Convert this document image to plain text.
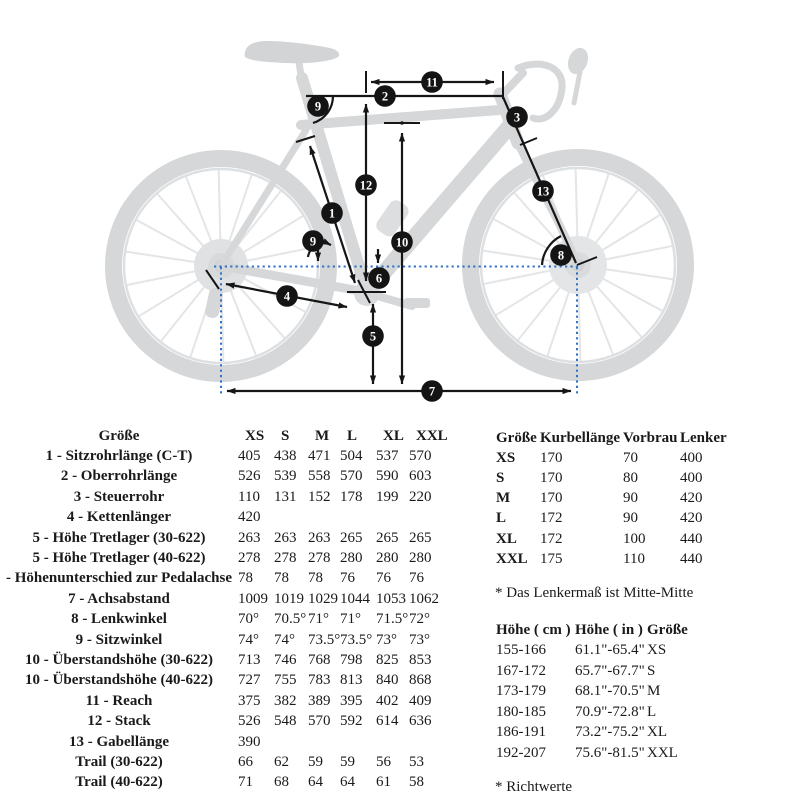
1
2
3
4
5
6
7
8
9
9	10
11
12	13
Größe	XS	S	M	L	XL	XXL
1 - Sitzrohrlänge (C-T)	405	438	471	504	537	570
2 - Oberrohrlänge	526	539	558	570	590	603
3 - Steuerrohr	110	131	152	178	199	220
4 - Kettenlänger	420					
5 - Höhe Tretlager (30-622)	263	263	263	265	265	265
5 - Höhe Tretlager (40-622)	278	278	278	280	280	280
- Höhenunterschied zur Pedalachse	78	78	78	76	76	76
7 - Achsabstand	1009	1019	1029	1044	1053	1062
8 - Lenkwinkel	70°	70.5°	71°	71°	71.5°	72°
9 - Sitzwinkel	74°	74°	73.5°	73.5°	73°	73°
10 - Überstandshöhe (30-622)	713	746	768	798	825	853
10 - Überstandshöhe (40-622)	727	755	783	813	840	868
11 - Reach	375	382	389	395	402	409
12 - Stack	526	548	570	592	614	636
13 - Gabellänge	390					
Trail (30-622)	66	62	59	59	56	53
Trail (40-622)	71	68	64	64	61	58
Größe	Kurbellänge	Vorbrau	Lenker
XS	170	70	400
S	170	80	400
M	170	90	420
L	172	90	420
XL	172	100	440
XXL	175	110	440
* Das Lenkermaß ist Mitte-Mitte
Höhe ( cm )	Höhe ( in )	Größe
155-166	61.1"-65.4"	XS
167-172	65.7"-67.7"	S
173-179	68.1"-70.5"	M
180-185	70.9"-72.8"	L
186-191	73.2"-75.2"	XL
192-207	75.6"-81.5"	XXL
* Richtwerte
